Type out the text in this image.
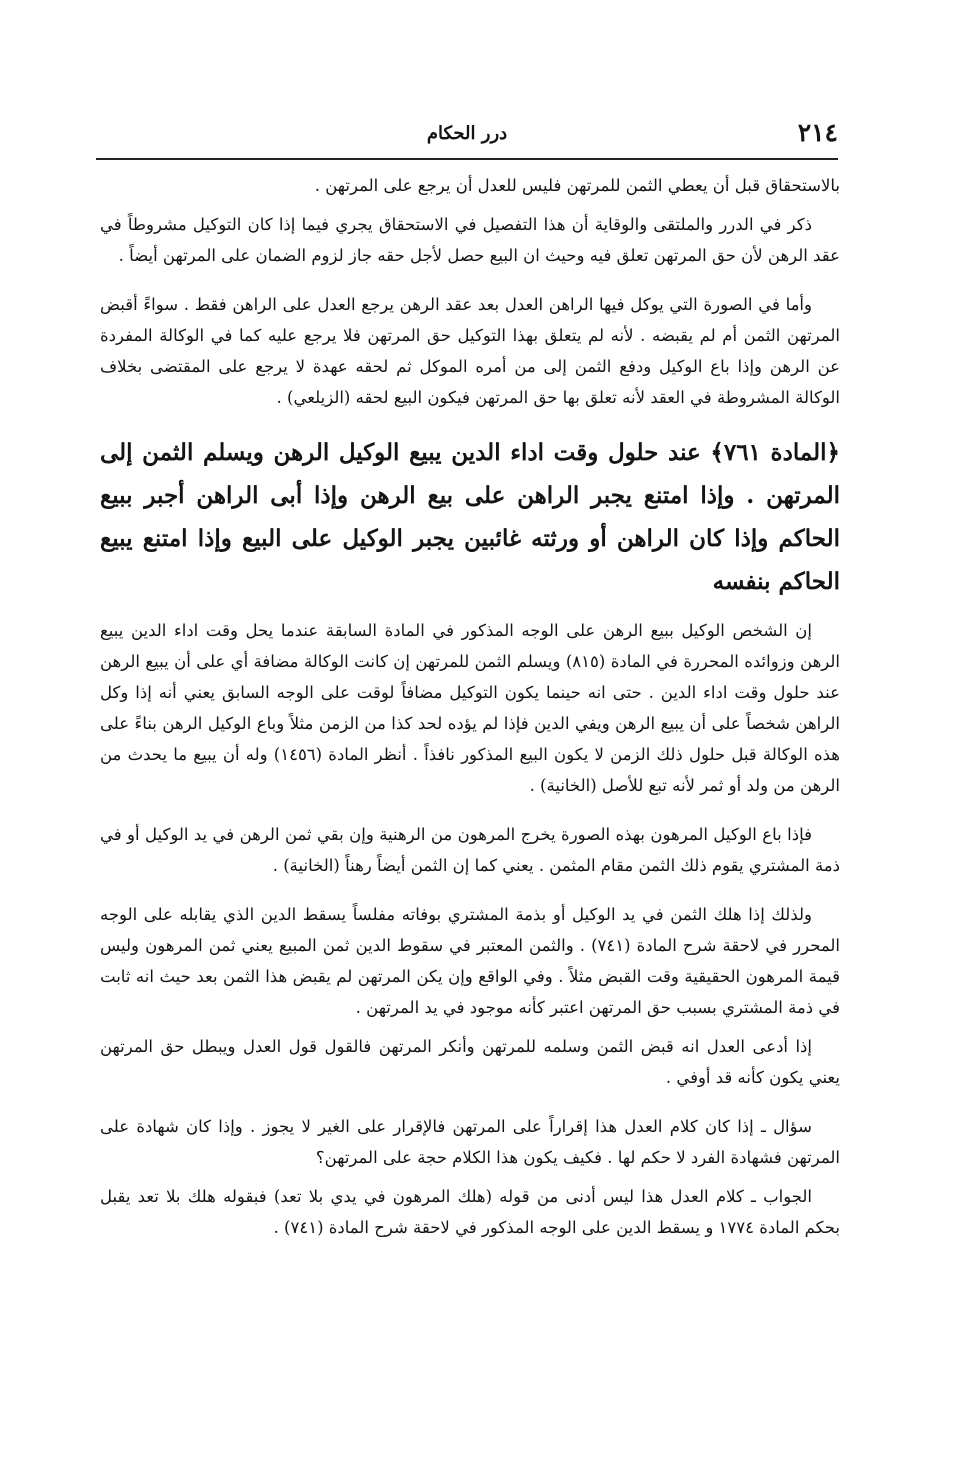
٢١٤
درر الحكام

بالاستحقاق قبل أن يعطي الثمن للمرتهن فليس للعدل أن يرجع على المرتهن .

ذكر في الدرر والملتقى والوقاية أن هذا التفصيل في الاستحقاق يجري فيما إذا كان التوكيل مشروطاً في عقد الرهن لأن حق المرتهن تعلق فيه وحيث ان البيع حصل لأجل حقه جاز لزوم الضمان على المرتهن أيضاً .

وأما في الصورة التي يوكل فيها الراهن العدل بعد عقد الرهن يرجع العدل على الراهن فقط . سواءً أقبض المرتهن الثمن أم لم يقبضه . لأنه لم يتعلق بهذا التوكيل حق المرتهن فلا يرجع عليه كما في الوكالة المفردة عن الرهن وإذا باع الوكيل ودفع الثمن إلى من أمره الموكل ثم لحقه عهدة لا يرجع على المقتضى بخلاف الوكالة المشروطة في العقد لأنه تعلق بها حق المرتهن فيكون البيع لحقه (الزيلعي) .

﴿المادة ٧٦١﴾ عند حلول وقت اداء الدين يبيع الوكيل الرهن ويسلم الثمن إلى المرتهن . وإذا امتنع يجبر الراهن على بيع الرهن وإذا أبى الراهن أجبر ببيع الحاكم وإذا كان الراهن أو ورثته غائبين يجبر الوكيل على البيع وإذا امتنع يبيع الحاكم بنفسه

إن الشخص الوكيل ببيع الرهن على الوجه المذكور في المادة السابقة عندما يحل وقت اداء الدين يبيع الرهن وزوائده المحررة في المادة (٨١٥) ويسلم الثمن للمرتهن إن كانت الوكالة مضافة أي على أن يبيع الرهن عند حلول وقت اداء الدين . حتى انه حينما يكون التوكيل مضافاً لوقت على الوجه السابق يعني أنه إذا وكل الراهن شخصاً على أن يبيع الرهن ويفي الدين فإذا لم يؤده لحد كذا من الزمن مثلاً وباع الوكيل الرهن بناءً على هذه الوكالة قبل حلول ذلك الزمن لا يكون البيع المذكور نافذاً . أنظر المادة (١٤٥٦) وله أن يبيع ما يحدث من الرهن من ولد أو ثمر لأنه تبع للأصل (الخانية) .

فإذا باع الوكيل المرهون بهذه الصورة يخرج المرهون من الرهنية وإن بقي ثمن الرهن في يد الوكيل أو في ذمة المشتري يقوم ذلك الثمن مقام المثمن . يعني كما إن الثمن أيضاً رهناً (الخانية) .

ولذلك إذا هلك الثمن في يد الوكيل أو بذمة المشتري بوفاته مفلساً يسقط الدين الذي يقابله على الوجه المحرر في لاحقة شرح المادة (٧٤١) . والثمن المعتبر في سقوط الدين ثمن المبيع يعني ثمن المرهون وليس قيمة المرهون الحقيقية وقت القبض مثلاً . وفي الواقع وإن يكن المرتهن لم يقبض هذا الثمن بعد حيث انه ثابت في ذمة المشتري بسبب حق المرتهن اعتبر كأنه موجود في يد المرتهن .

إذا أدعى العدل انه قبض الثمن وسلمه للمرتهن وأنكر المرتهن فالقول قول العدل ويبطل حق المرتهن يعني يكون كأنه قد أوفي .

سؤال ـ إذا كان كلام العدل هذا إقراراً على المرتهن فالإقرار على الغير لا يجوز . وإذا كان شهادة على المرتهن فشهادة الفرد لا حكم لها . فكيف يكون هذا الكلام حجة على المرتهن؟

الجواب ـ كلام العدل هذا ليس أدنى من قوله (هلك المرهون في يدي بلا تعد) فبقوله هلك بلا تعد يقبل بحكم المادة ١٧٧٤ و يسقط الدين على الوجه المذكور في لاحقة شرح المادة (٧٤١) .
